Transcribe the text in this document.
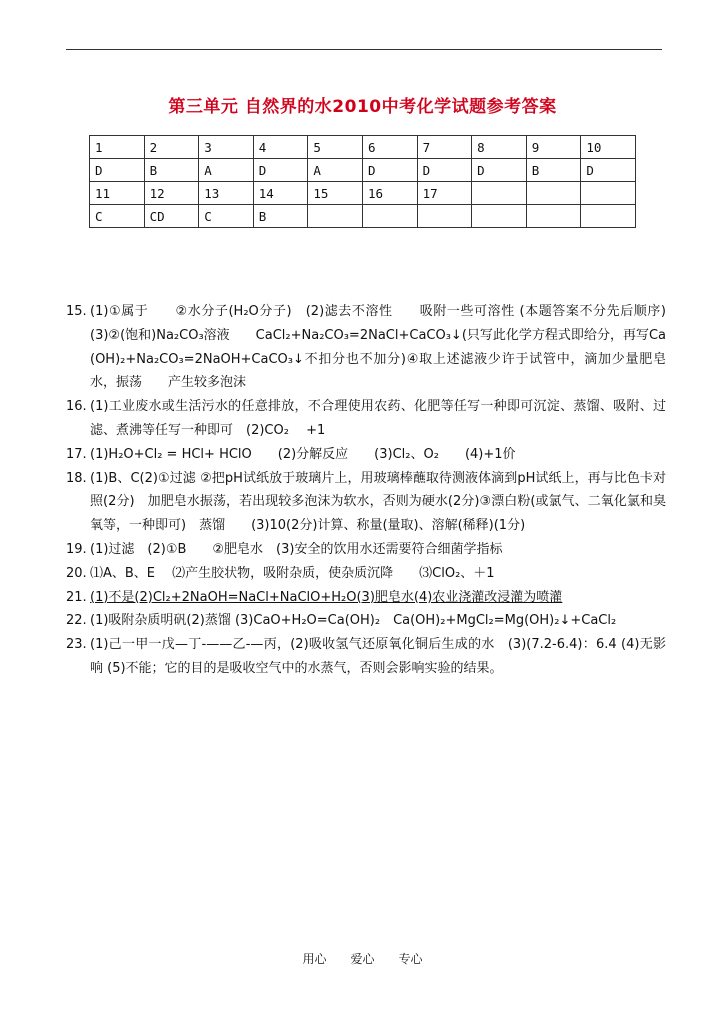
第三单元 自然界的水2010中考化学试题参考答案
1	2	3	4	5	6	7	8	9	10
D	B	A	D	A	D	D	D	B	D
11	12	13	14	15	16	17			
C	CD	C	B						
15. (1)①属于　　②水分子(H₂O分子)　(2)滤去不溶性　　吸附一些可溶性 (本题答案不分先后顺序)　　(3)②(饱和)Na₂CO₃溶液　　CaCl₂+Na₂CO₃=2NaCl+CaCO₃↓(只写此化学方程式即给分，再写Ca(OH)₂+Na₂CO₃=2NaOH+CaCO₃↓不扣分也不加分)④取上述滤液少许于试管中，滴加少量肥皂水，振荡　　产生较多泡沫
16. (1)工业废水或生活污水的任意排放，不合理使用农药、化肥等任写一种即可沉淀、蒸馏、吸附、过滤、煮沸等任写一种即可　(2)CO₂　 +1
17. (1)H₂O+Cl₂ = HCl+ HClO　　(2)分解反应　　(3)Cl₂、O₂　　(4)+1价
18. (1)B、C(2)①过滤 ②把pH试纸放于玻璃片上，用玻璃棒蘸取待测液体滴到pH试纸上，再与比色卡对照(2分)　加肥皂水振荡，若出现较多泡沫为软水，否则为硬水(2分)③漂白粉(或氯气、二氧化氯和臭氧等，一种即可)　蒸馏　　(3)10(2分)计算、称量(量取)、溶解(稀释)(1分)
19. (1)过滤　(2)①B　　②肥皂水　(3)安全的饮用水还需要符合细菌学指标
20. ⑴A、B、E　 ⑵产生胶状物，吸附杂质，使杂质沉降　　⑶ClO₂、＋1
21. (1)不是(2)Cl₂+2NaOH=NaCl+NaClO+H₂O(3)肥皂水(4)农业浇灌改浸灌为喷灌
22. (1)吸附杂质明矾(2)蒸馏 (3)CaO+H₂O=Ca(OH)₂　Ca(OH)₂+MgCl₂=Mg(OH)₂↓+CaCl₂
23. (1)己一甲一戊—丁-——乙-—丙，(2)吸收氢气还原氧化铜后生成的水　(3)(7.2-6.4)：6.4 (4)无影响 (5)不能；它的目的是吸收空气中的水蒸气，否则会影响实验的结果。
用心　　爱心　　专心
